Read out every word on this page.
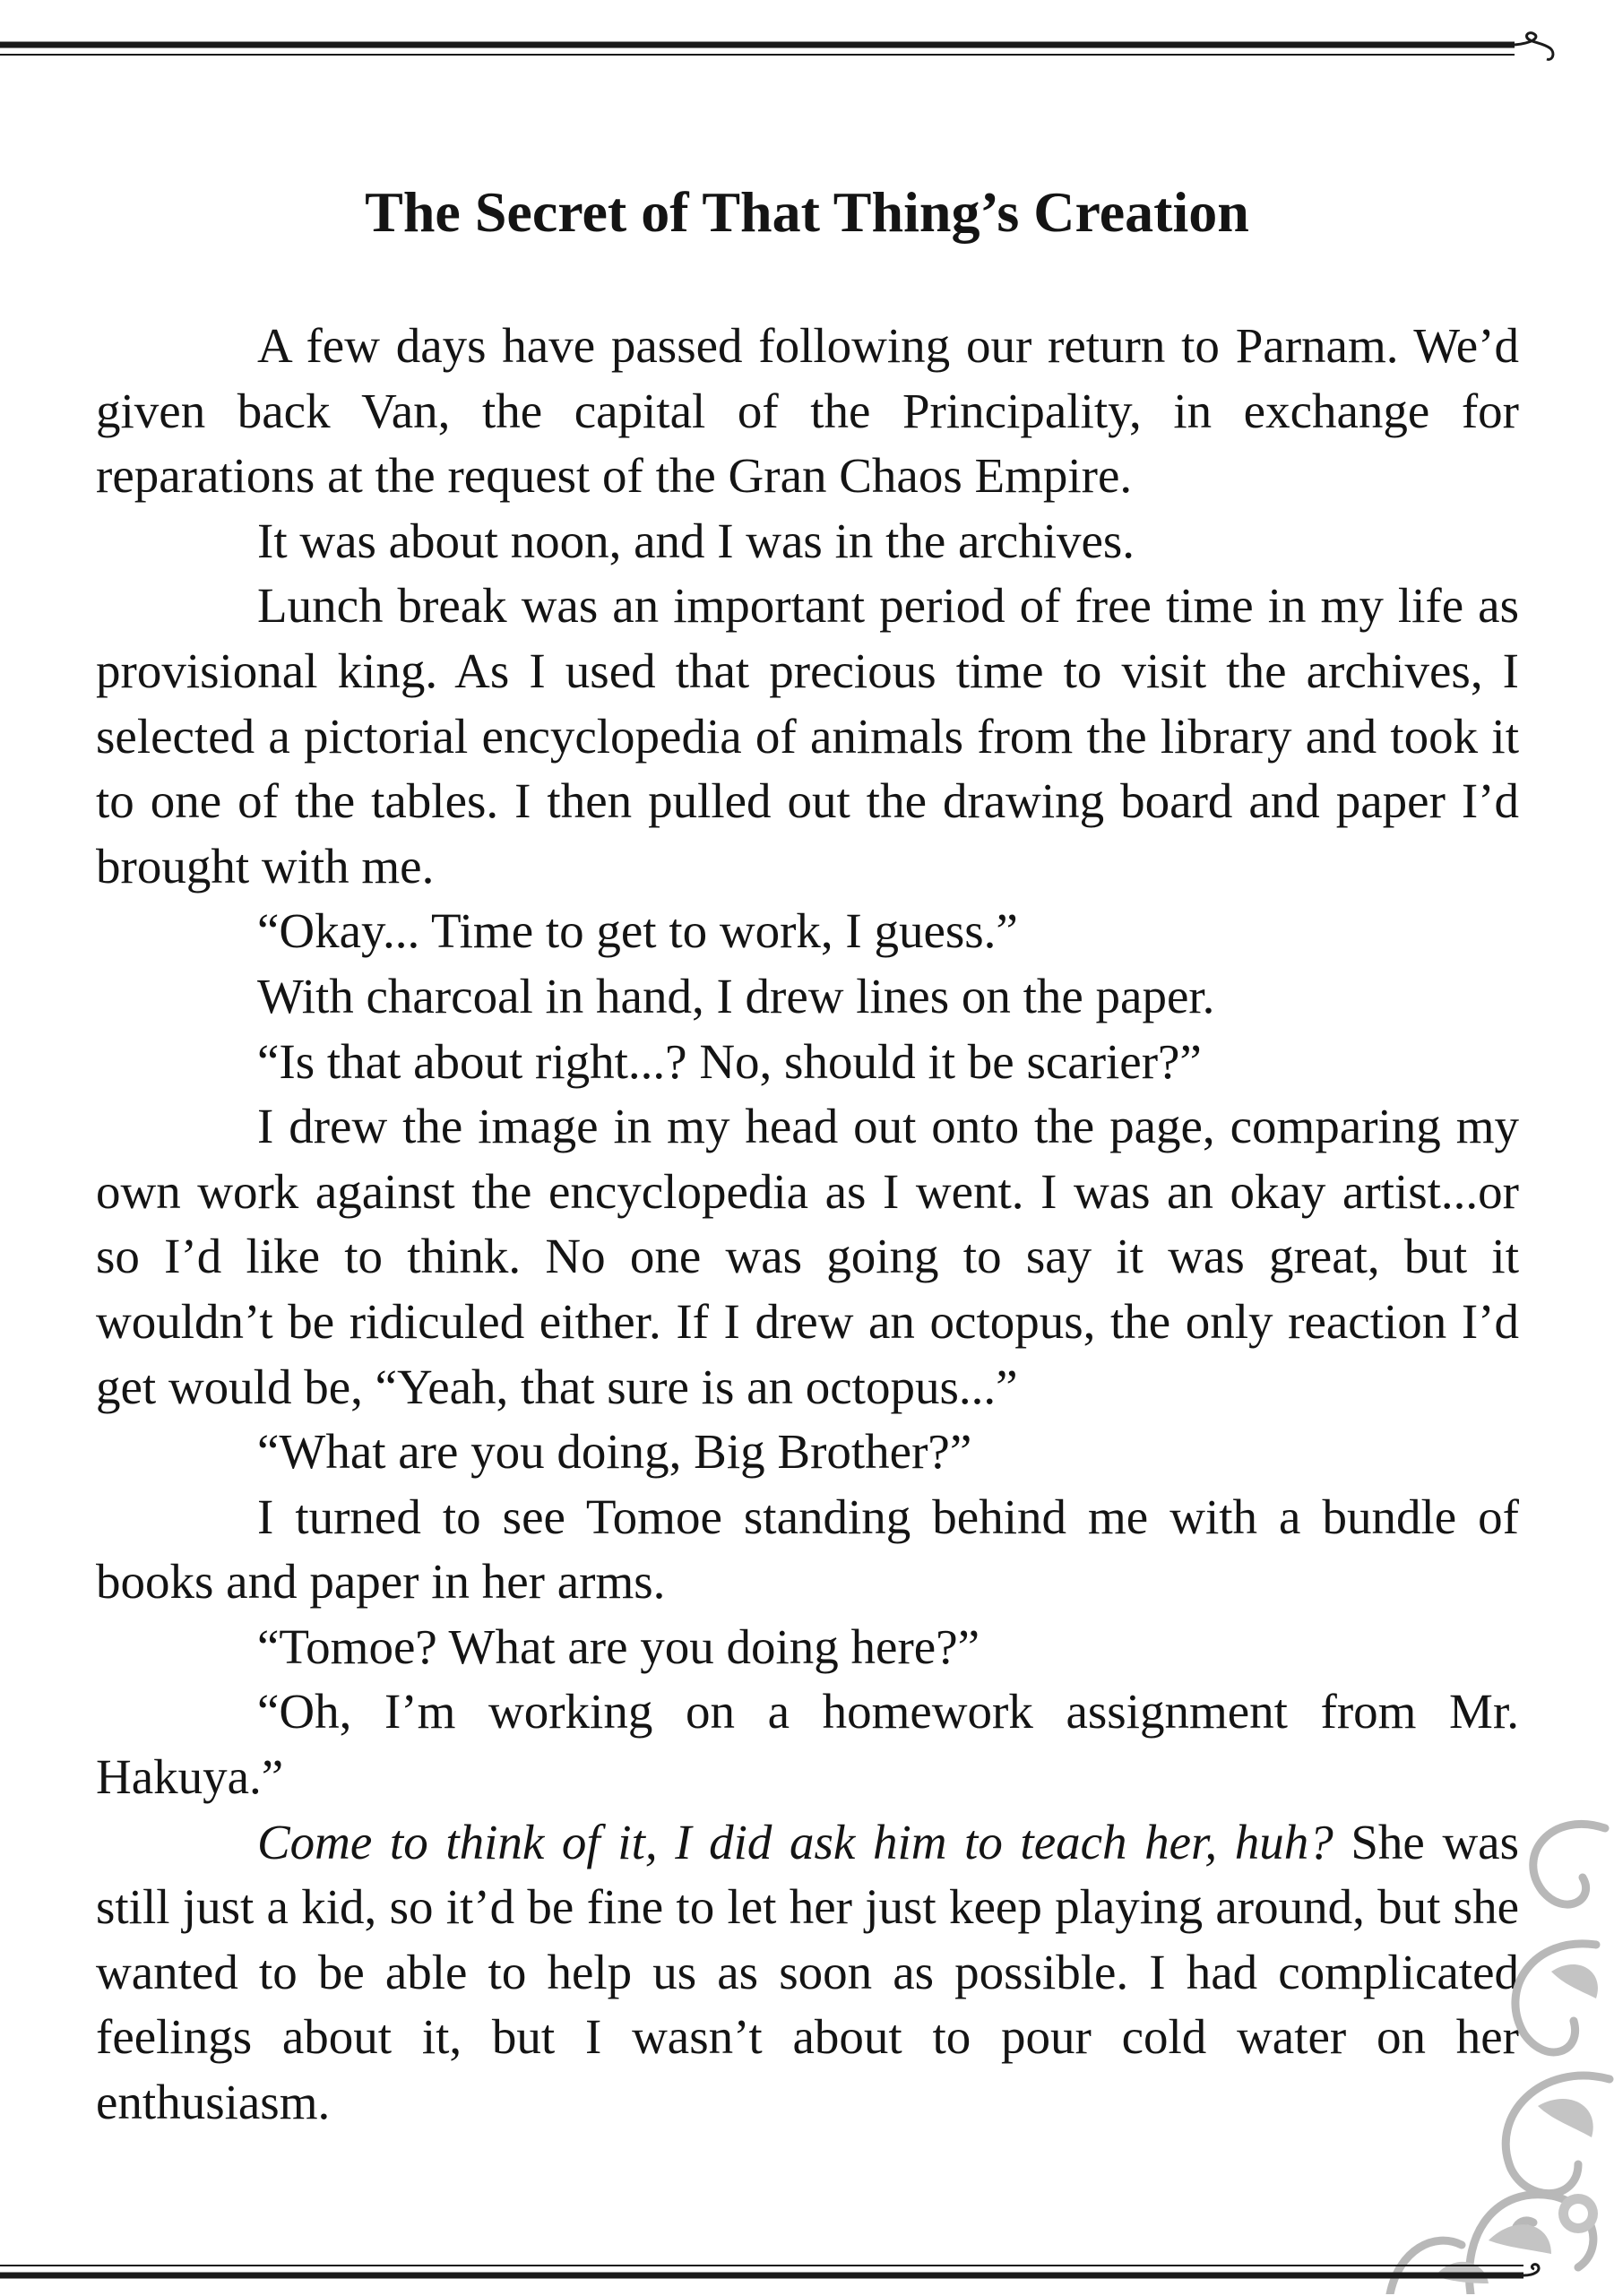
The Secret of That Thing’s Creation

A few days have passed following our return to Parnam. We’d given back Van, the capital of the Principality, in exchange for reparations at the request of the Gran Chaos Empire.

It was about noon, and I was in the archives.

Lunch break was an important period of free time in my life as provisional king. As I used that precious time to visit the archives, I selected a pictorial encyclopedia of animals from the library and took it to one of the tables. I then pulled out the drawing board and paper I’d brought with me.

“Okay... Time to get to work, I guess.”

With charcoal in hand, I drew lines on the paper.

“Is that about right...? No, should it be scarier?”

I drew the image in my head out onto the page, comparing my own work against the encyclopedia as I went. I was an okay artist...or so I’d like to think. No one was going to say it was great, but it wouldn’t be ridiculed either. If I drew an octopus, the only reaction I’d get would be, “Yeah, that sure is an octopus...”

“What are you doing, Big Brother?”

I turned to see Tomoe standing behind me with a bundle of books and paper in her arms.

“Tomoe? What are you doing here?”

“Oh, I’m working on a homework assignment from Mr. Hakuya.”

Come to think of it, I did ask him to teach her, huh? She was still just a kid, so it’d be fine to let her just keep playing around, but she wanted to be able to help us as soon as possible. I had complicated feelings about it, but I wasn’t about to pour cold water on her enthusiasm.
